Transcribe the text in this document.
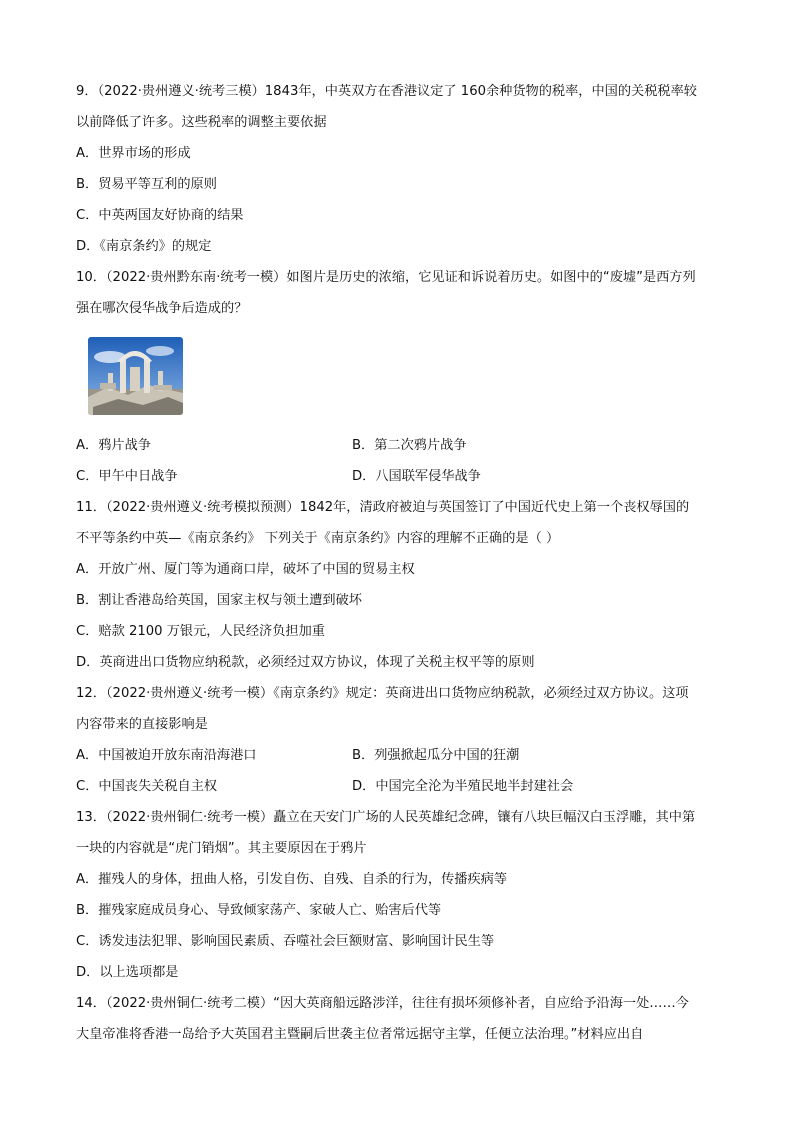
9．（2022·贵州遵义·统考三模）1843年，中英双方在香港议定了 160余种货物的税率，中国的关税税率较
以前降低了许多。这些税率的调整主要依据
A．世界市场的形成
B．贸易平等互利的原则
C．中英两国友好协商的结果
D．《南京条约》的规定
10．（2022·贵州黔东南·统考一模）如图片是历史的浓缩，它见证和诉说着历史。如图中的“废墟”是西方列
强在哪次侵华战争后造成的？
A．鸦片战争	B．第二次鸦片战争
C．甲午中日战争	D．八国联军侵华战争
11．（2022·贵州遵义·统考模拟预测）1842年，清政府被迫与英国签订了中国近代史上第一个丧权辱国的
不平等条约中英—《南京条约》 下列关于《南京条约》内容的理解不正确的是（ ）
A．开放广州、厦门等为通商口岸，破坏了中国的贸易主权
B．割让香港岛给英国，国家主权与领土遭到破坏
C．赔款 2100 万银元，人民经济负担加重
D．英商进出口货物应纳税款，必须经过双方协议，体现了关税主权平等的原则
12．（2022·贵州遵义·统考一模）《南京条约》规定：英商进出口货物应纳税款，必须经过双方协议。这项
内容带来的直接影响是
A．中国被迫开放东南沿海港口	B．列强掀起瓜分中国的狂潮
C．中国丧失关税自主权	D．中国完全沦为半殖民地半封建社会
13．（2022·贵州铜仁·统考一模）矗立在天安门广场的人民英雄纪念碑，镶有八块巨幅汉白玉浮雕，其中第
一块的内容就是“虎门销烟”。其主要原因在于鸦片
A．摧残人的身体，扭曲人格，引发自伤、自残、自杀的行为，传播疾病等
B．摧残家庭成员身心、导致倾家荡产、家破人亡、贻害后代等
C．诱发违法犯罪、影响国民素质、吞噬社会巨额财富、影响国计民生等
D．以上选项都是
14．（2022·贵州铜仁·统考二模）“因大英商船远路涉洋，往往有损坏须修补者，自应给予沿海一处……今
大皇帝准将香港一岛给予大英国君主暨嗣后世袭主位者常远据守主掌，任便立法治理。”材料应出自
